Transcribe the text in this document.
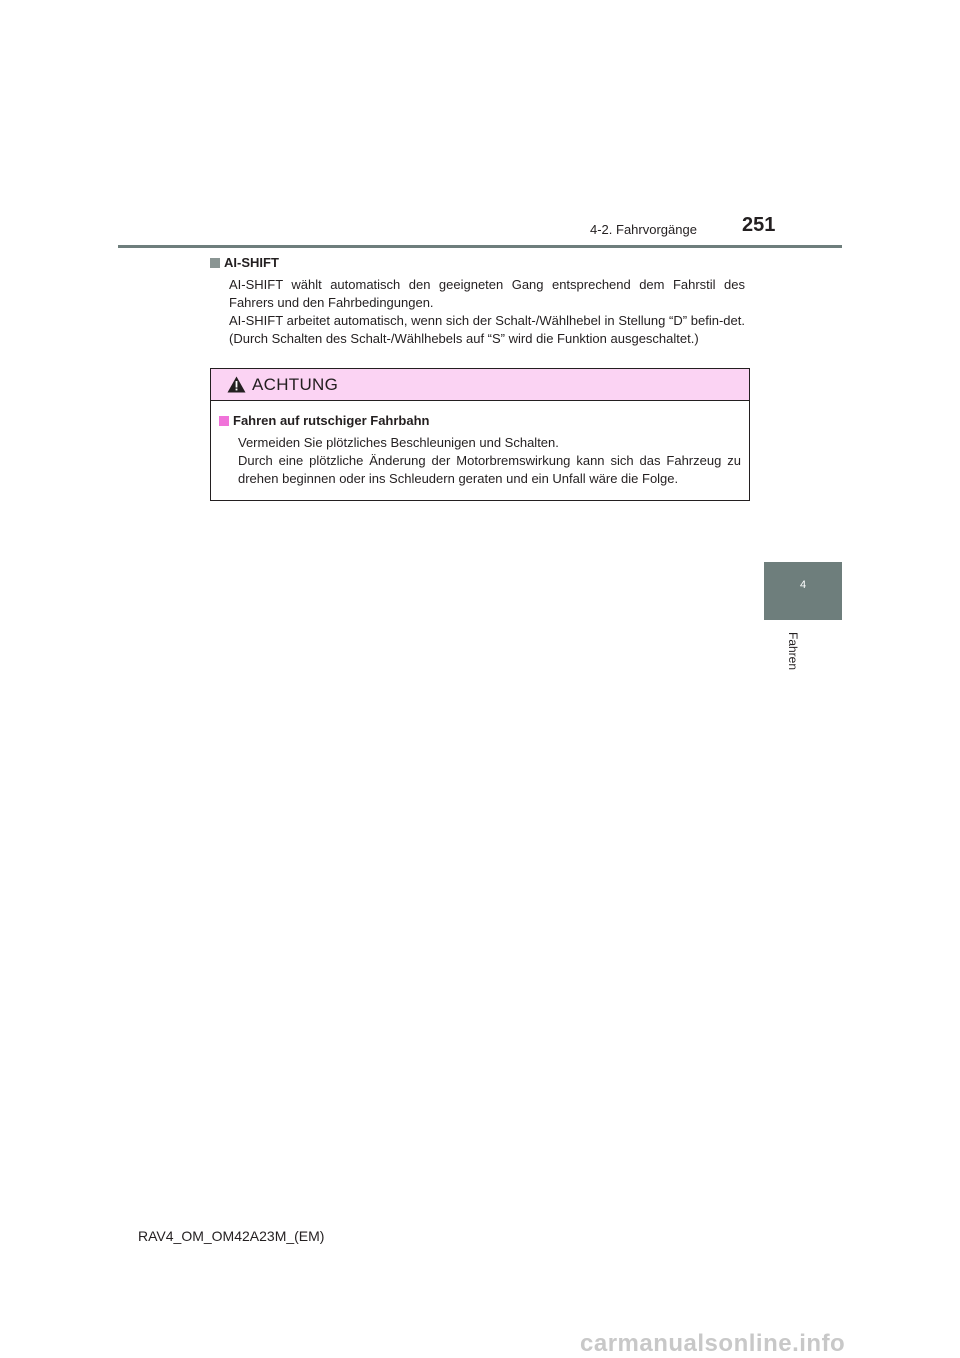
4-2. Fahrvorgänge 251
4
Fahren
AI-SHIFT

AI-SHIFT wählt automatisch den geeigneten Gang entsprechend dem Fahrstil des Fahrers und den Fahrbedingungen.

AI-SHIFT arbeitet automatisch, wenn sich der Schalt-/Wählhebel in Stellung “D” befin-det. (Durch Schalten des Schalt-/Wählhebels auf “S” wird die Funktion ausgeschaltet.)

ACHTUNG
Fahren auf rutschiger Fahrbahn

Vermeiden Sie plötzliches Beschleunigen und Schalten.

Durch eine plötzliche Änderung der Motorbremswirkung kann sich das Fahrzeug zu drehen beginnen oder ins Schleudern geraten und ein Unfall wäre die Folge.

RAV4_OM_OM42A23M_(EM)
carmanualsonline.info
